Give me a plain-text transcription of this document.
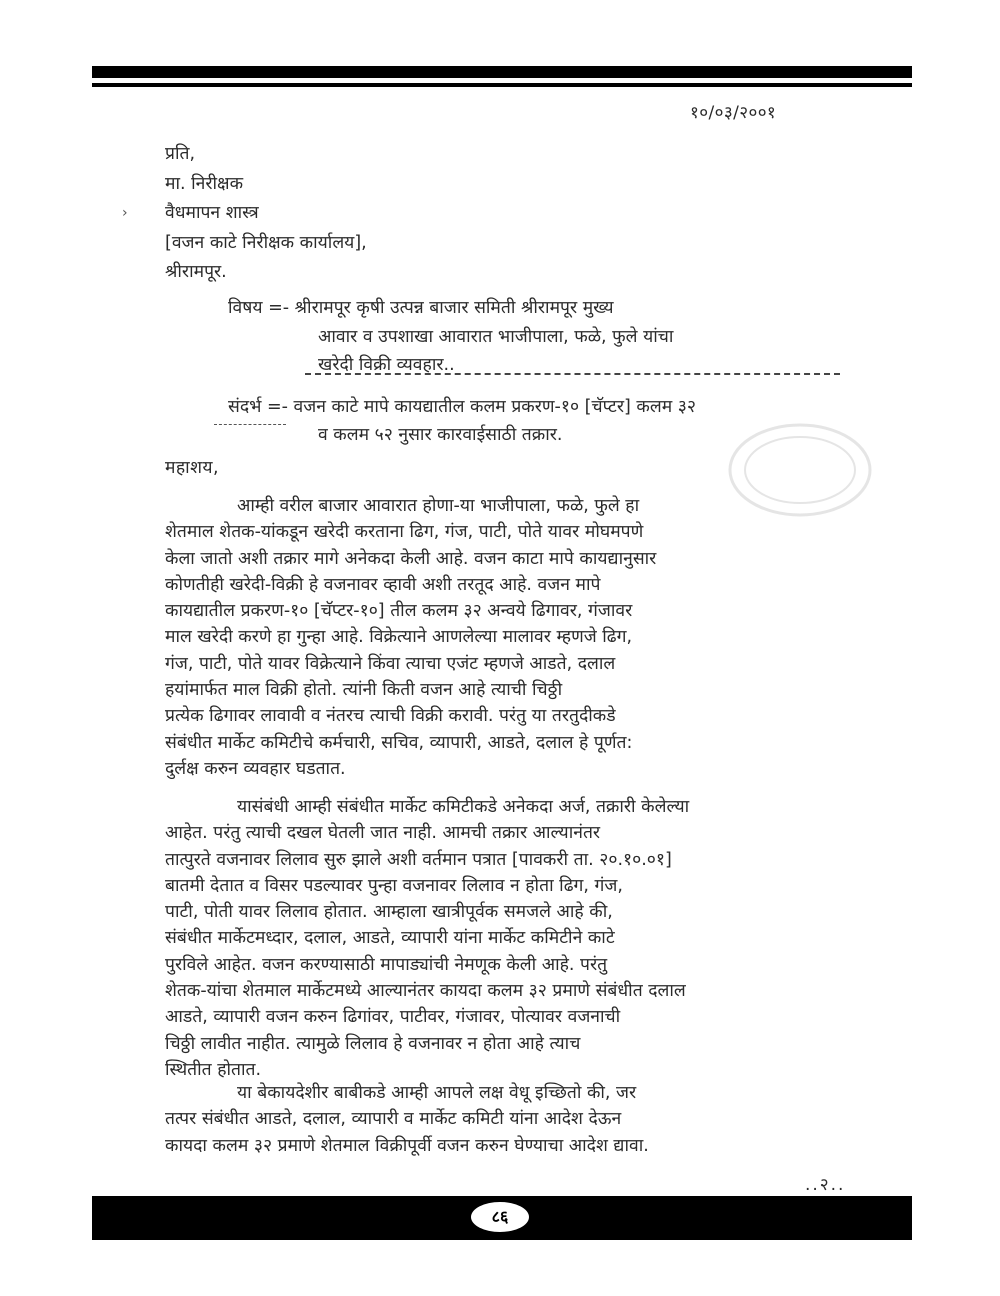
१०/०३/२००१
›
प्रति,
मा. निरीक्षक
वैधमापन शास्त्र
[वजन काटे निरीक्षक कार्यालय],
श्रीरामपूर.
विषय =- श्रीरामपूर कृषी उत्पन्न बाजार समिती श्रीरामपूर मुख्य
आवार व उपशाखा आवारात भाजीपाला, फळे, फुले यांचा
खरेदी विक्री व्यवहार..
संदर्भ =- वजन काटे मापे कायद्यातील कलम प्रकरण-१० [चॅप्टर] कलम ३२
व कलम ५२ नुसार कारवाईसाठी तक्रार.
महाशय,
आम्ही वरील बाजार आवारात होणा-या भाजीपाला, फळे, फुले हा
शेतमाल शेतक-यांकडून खरेदी करताना ढिग, गंज, पाटी, पोते यावर मोघमपणे
केला जातो अशी तक्रार मागे अनेकदा केली आहे. वजन काटा मापे कायद्यानुसार
कोणतीही खरेदी-विक्री हे वजनावर व्हावी अशी तरतूद आहे. वजन मापे
कायद्यातील प्रकरण-१० [चॅप्टर-१०] तील कलम ३२ अन्वये ढिगावर, गंजावर
माल खरेदी करणे हा गुन्हा आहे. विक्रेत्याने आणलेल्या मालावर म्हणजे ढिग,
गंज, पाटी, पोते यावर विक्रेत्याने किंवा त्याचा एजंट म्हणजे आडते, दलाल
हयांमार्फत माल विक्री होतो. त्यांनी किती वजन आहे त्याची चिठ्ठी
प्रत्येक ढिगावर लावावी व नंतरच त्याची विक्री करावी. परंतु या तरतुदीकडे
संबंधीत मार्केट कमिटीचे कर्मचारी, सचिव, व्यापारी, आडते, दलाल हे पूर्णत:
दुर्लक्ष करुन व्यवहार घडतात.
यासंबंधी आम्ही संबंधीत मार्केट कमिटीकडे अनेकदा अर्ज, तक्रारी केलेल्या
आहेत. परंतु त्याची दखल घेतली जात नाही. आमची तक्रार आल्यानंतर
तात्पुरते वजनावर लिलाव सुरु झाले अशी वर्तमान पत्रात [पावकरी ता. २०.१०.०१]
बातमी देतात व विसर पडल्यावर पुन्हा वजनावर लिलाव न होता ढिग, गंज,
पाटी, पोती यावर लिलाव होतात. आम्हाला खात्रीपूर्वक समजले आहे की,
संबंधीत मार्केटमध्दार, दलाल, आडते, व्यापारी यांना मार्केट कमिटीने काटे
पुरविले आहेत. वजन करण्यासाठी मापाड्यांची नेमणूक केली आहे. परंतु
शेतक-यांचा शेतमाल मार्केटमध्ये आल्यानंतर कायदा कलम ३२ प्रमाणे संबंधीत दलाल
आडते, व्यापारी वजन करुन ढिगांवर, पाटीवर, गंजावर, पोत्यावर वजनाची
चिठ्ठी लावीत नाहीत. त्यामुळे लिलाव हे वजनावर न होता आहे त्याच
स्थितीत होतात.
या बेकायदेशीर बाबीकडे आम्ही आपले लक्ष वेधू इच्छितो की, जर
तत्पर संबंधीत आडते, दलाल, व्यापारी व मार्केट कमिटी यांना आदेश देऊन
कायदा कलम ३२ प्रमाणे शेतमाल विक्रीपूर्वी वजन करुन घेण्याचा आदेश द्यावा.
..२..
८६
